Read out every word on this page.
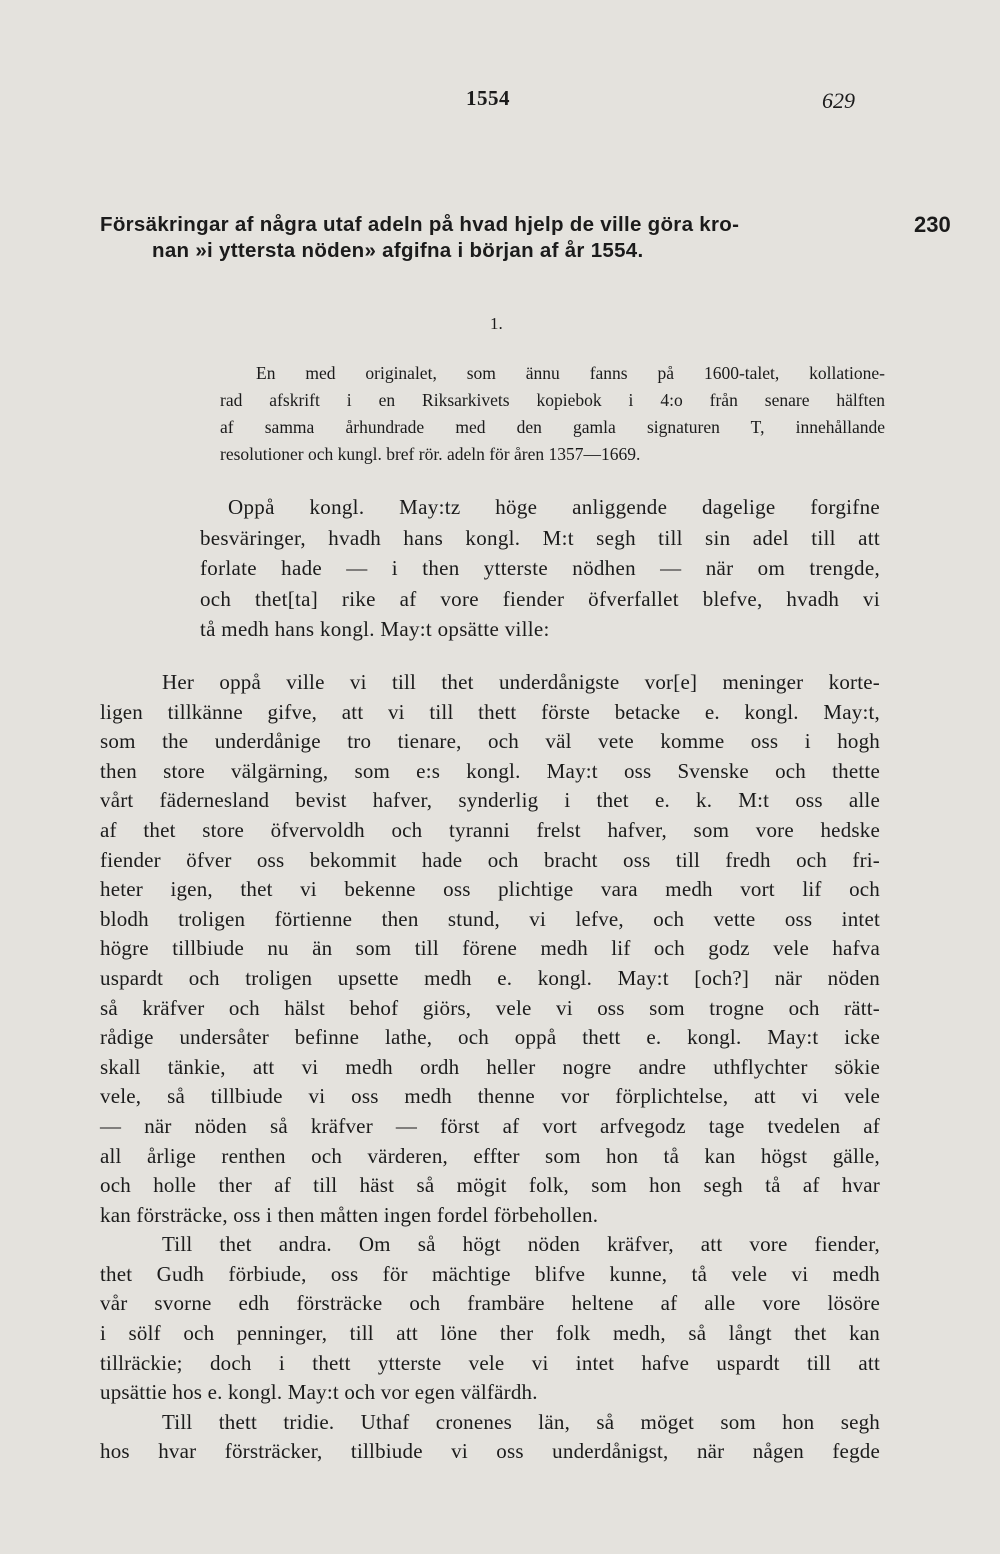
1554	629
Försäkringar af några utaf adeln på hvad hjelp de ville göra kro-
nan »i yttersta nöden» afgifna i början af år 1554.
230
1.
En med originalet, som ännu fanns på 1600-talet, kollatione-
rad afskrift i en Riksarkivets kopiebok i 4:o från senare hälften
af samma århundrade med den gamla signaturen T, innehållande
resolutioner och kungl. bref rör. adeln för åren 1357—1669.
Oppå kongl. May:tz höge anliggende dagelige forgifne
besväringer, hvadh hans kongl. M:t segh till sin adel till att
forlate hade — i then ytterste nödhen — när om trengde,
och thet[ta] rike af vore fiender öfverfallet blefve, hvadh vi
tå medh hans kongl. May:t opsätte ville:
Her oppå ville vi till thet underdånigste vor[e] meninger korte-
ligen tillkänne gifve, att vi till thett förste betacke e. kongl. May:t,
som the underdånige tro tienare, och väl vete komme oss i hogh
then store välgärning, som e:s kongl. May:t oss Svenske och thette
vårt fädernesland bevist hafver, synderlig i thet e. k. M:t oss alle
af thet store öfvervoldh och tyranni frelst hafver, som vore hedske
fiender öfver oss bekommit hade och bracht oss till fredh och fri-
heter igen, thet vi bekenne oss plichtige vara medh vort lif och
blodh troligen förtienne then stund, vi lefve, och vette oss intet
högre tillbiude nu än som till förene medh lif och godz vele hafva
uspardt och troligen upsette medh e. kongl. May:t [och?] när nöden
så kräfver och hälst behof giörs, vele vi oss som trogne och rätt-
rådige undersåter befinne lathe, och oppå thett e. kongl. May:t icke
skall tänkie, att vi medh ordh heller nogre andre uthflychter sökie
vele, så tillbiude vi oss medh thenne vor förplichtelse, att vi vele
— när nöden så kräfver — först af vort arfvegodz tage tvedelen af
all årlige renthen och värderen, effter som hon tå kan högst gälle,
och holle ther af till häst så mögit folk, som hon segh tå af hvar
kan försträcke, oss i then måtten ingen fordel förbehollen.
Till thet andra. Om så högt nöden kräfver, att vore fiender,
thet Gudh förbiude, oss för mächtige blifve kunne, tå vele vi medh
vår svorne edh försträcke och frambäre heltene af alle vore lösöre
i sölf och penninger, till att löne ther folk medh, så långt thet kan
tillräckie; doch i thett ytterste vele vi intet hafve uspardt till att
upsättie hos e. kongl. May:t och vor egen välfärdh.
Till thett tridie. Uthaf cronenes län, så möget som hon segh
hos hvar försträcker, tillbiude vi oss underdånigst, när någen fegde
